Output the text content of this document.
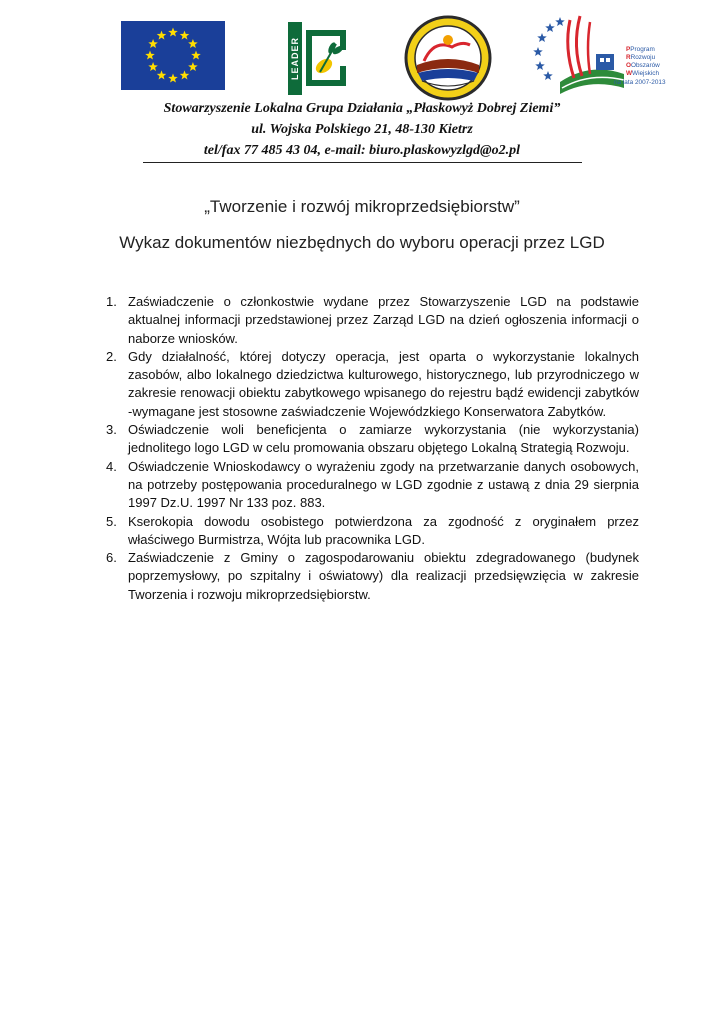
LEADER	PProgram
RRozwoju
OObszarów
WWiejskich
na lata 2007-2013
Stowarzyszenie Lokalna Grupa Działania „Płaskowyż Dobrej Ziemi”
ul. Wojska Polskiego 21, 48-130 Kietrz
tel/fax 77 485 43 04, e-mail: biuro.plaskowyzlgd@o2.pl
„Tworzenie i rozwój mikroprzedsiębiorstw”
Wykaz dokumentów niezbędnych do wyboru operacji przez LGD
1. Zaświadczenie o członkostwie wydane przez Stowarzyszenie LGD na podstawie aktualnej informacji przedstawionej przez Zarząd LGD na dzień ogłoszenia informacji o naborze wniosków.
2. Gdy działalność, której dotyczy operacja, jest oparta o wykorzystanie lokalnych zasobów, albo lokalnego dziedzictwa kulturowego, historycznego, lub przyrodniczego w zakresie renowacji obiektu zabytkowego wpisanego do rejestru bądź ewidencji zabytków -wymagane jest stosowne zaświadczenie Wojewódzkiego Konserwatora Zabytków.
3. Oświadczenie woli beneficjenta o zamiarze wykorzystania (nie wykorzystania) jednolitego logo LGD w celu promowania obszaru objętego Lokalną Strategią Rozwoju.
4. Oświadczenie Wnioskodawcy o wyrażeniu zgody na przetwarzanie danych osobowych, na potrzeby postępowania proceduralnego w LGD zgodnie z ustawą z dnia 29 sierpnia 1997 Dz.U. 1997 Nr 133 poz. 883.
5. Kserokopia dowodu osobistego potwierdzona za zgodność z oryginałem przez właściwego Burmistrza, Wójta lub pracownika LGD.
6. Zaświadczenie z Gminy o zagospodarowaniu obiektu zdegradowanego (budynek poprzemysłowy, po szpitalny i oświatowy) dla realizacji przedsięwzięcia w zakresie Tworzenia i rozwoju mikroprzedsiębiorstw.
